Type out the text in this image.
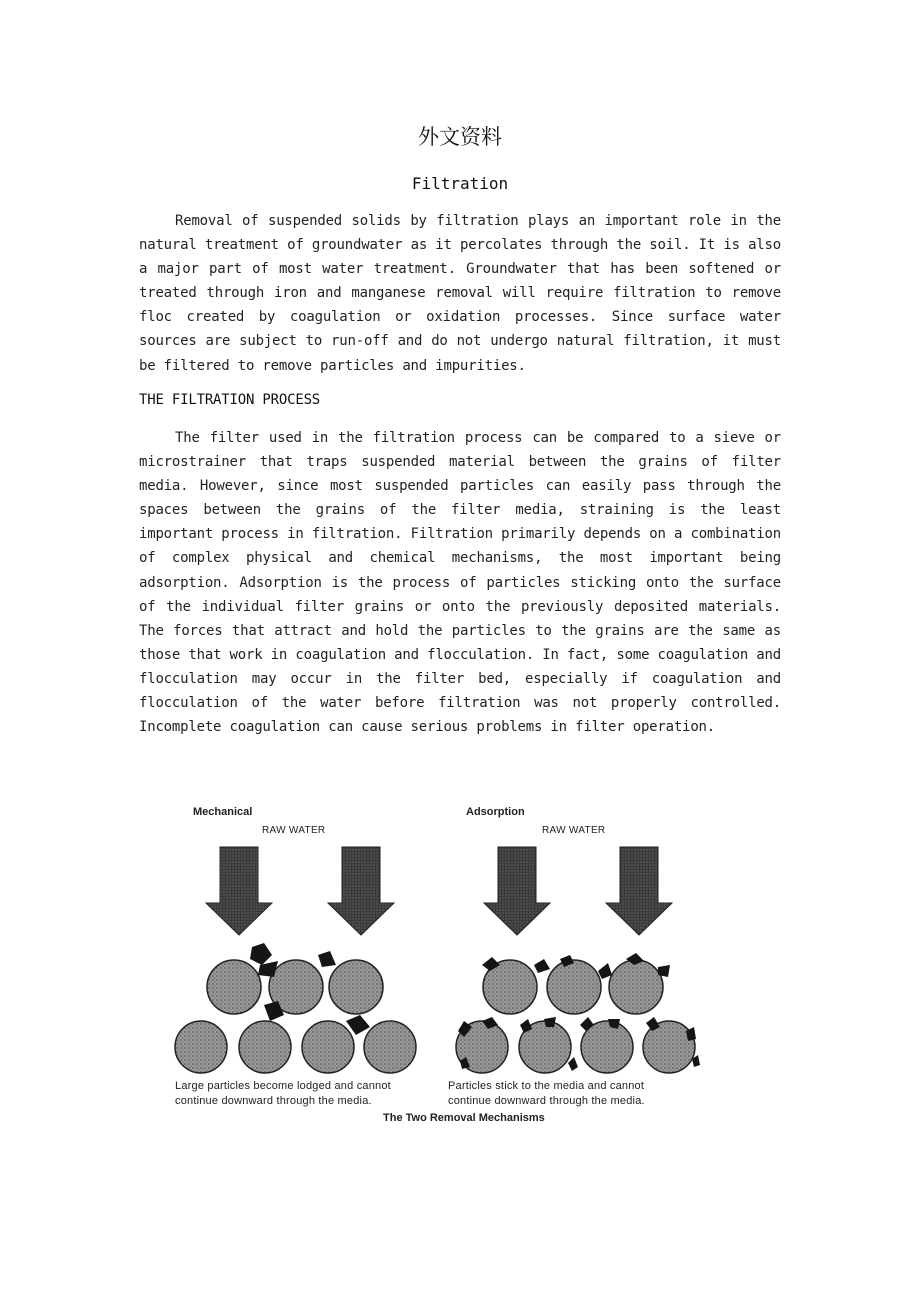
外文资料
Filtration

Removal of suspended solids by filtration plays an important role in the natural treatment of groundwater as it percolates through the soil. It is also a major part of most water treatment. Groundwater that has been softened or treated through iron and manganese removal will require filtration to remove floc created by coagulation or oxidation processes. Since surface water sources are subject to run-off and do not undergo natural filtration, it must be filtered to remove particles and impurities.

THE FILTRATION PROCESS

The filter used in the filtration process can be compared to a sieve or microstrainer that traps suspended material between the grains of filter media. However, since most suspended particles can easily pass through the spaces between the grains of the filter media, straining is the least important process in filtration. Filtration primarily depends on a combination of complex physical and chemical mechanisms, the most important being adsorption. Adsorption is the process of particles sticking onto the surface of the individual filter grains or onto the previously deposited materials. The forces that attract and hold the particles to the grains are the same as those that work in coagulation and flocculation. In fact, some coagulation and flocculation may occur in the filter bed, especially if coagulation and flocculation of the water before filtration was not properly controlled. Incomplete coagulation can cause serious problems in filter operation.

Mechanical
RAW WATER
Large particles become lodged and cannot
continue downward through the media.
Adsorption
RAW WATER
Particles stick to the media and cannot
continue downward through the media.
The Two Removal Mechanisms
